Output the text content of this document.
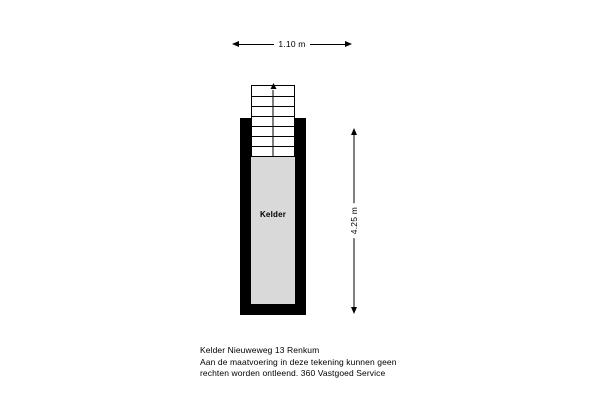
1.10 m
4.25 m
Kelder
Kelder Nieuweweg 13 Renkum
Aan de maatvoering in deze tekening kunnen geen
rechten worden ontleend. 360 Vastgoed Service
